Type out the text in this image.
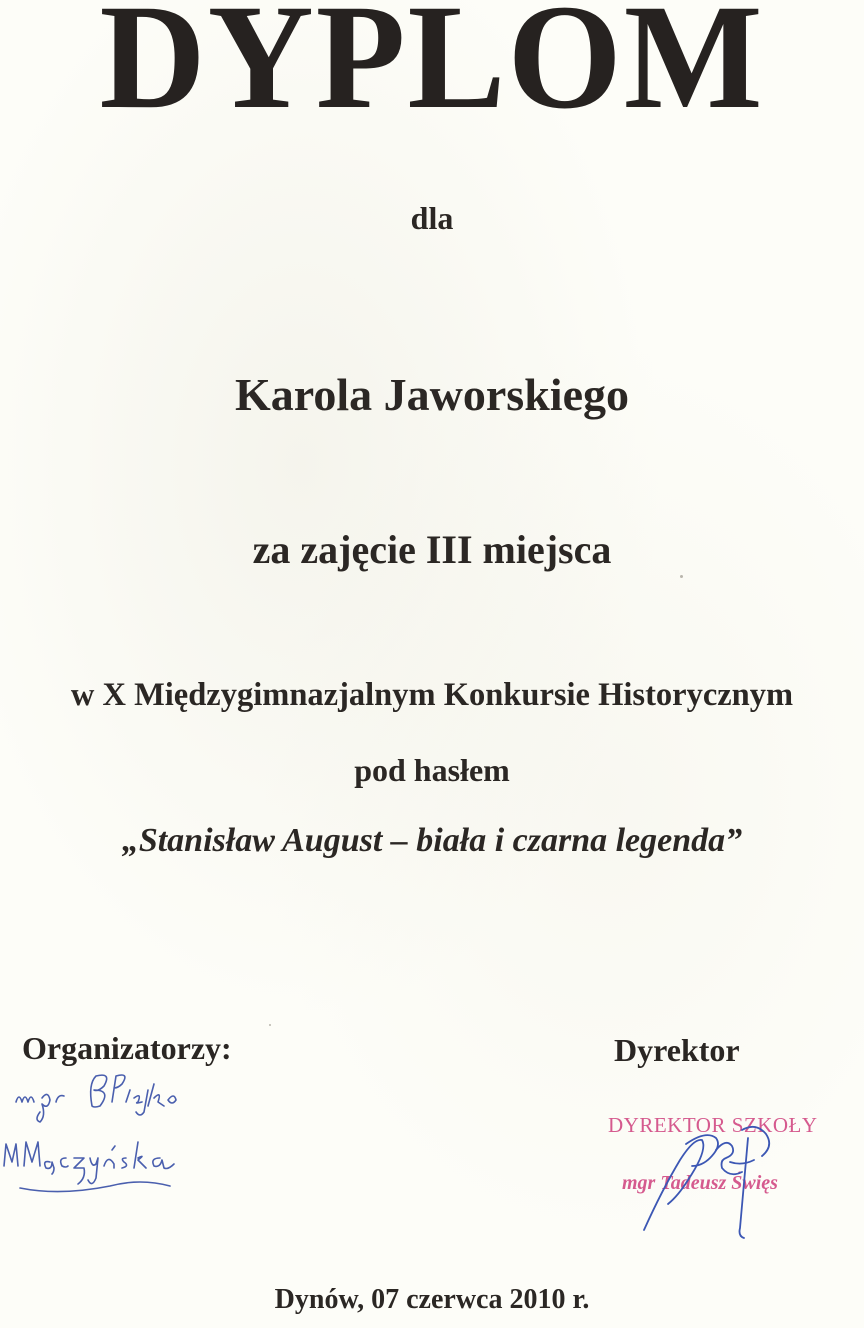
DYPLOM
dla
Karola Jaworskiego
za zajęcie III miejsca
w X Międzygimnazjalnym Konkursie Historycznym
pod hasłem
„Stanisław August – biała i czarna legenda”
Organizatorzy:	Dyrektor
DYREKTOR SZKOŁY
mgr Tadeusz Święs
Dynów, 07 czerwca 2010 r.
